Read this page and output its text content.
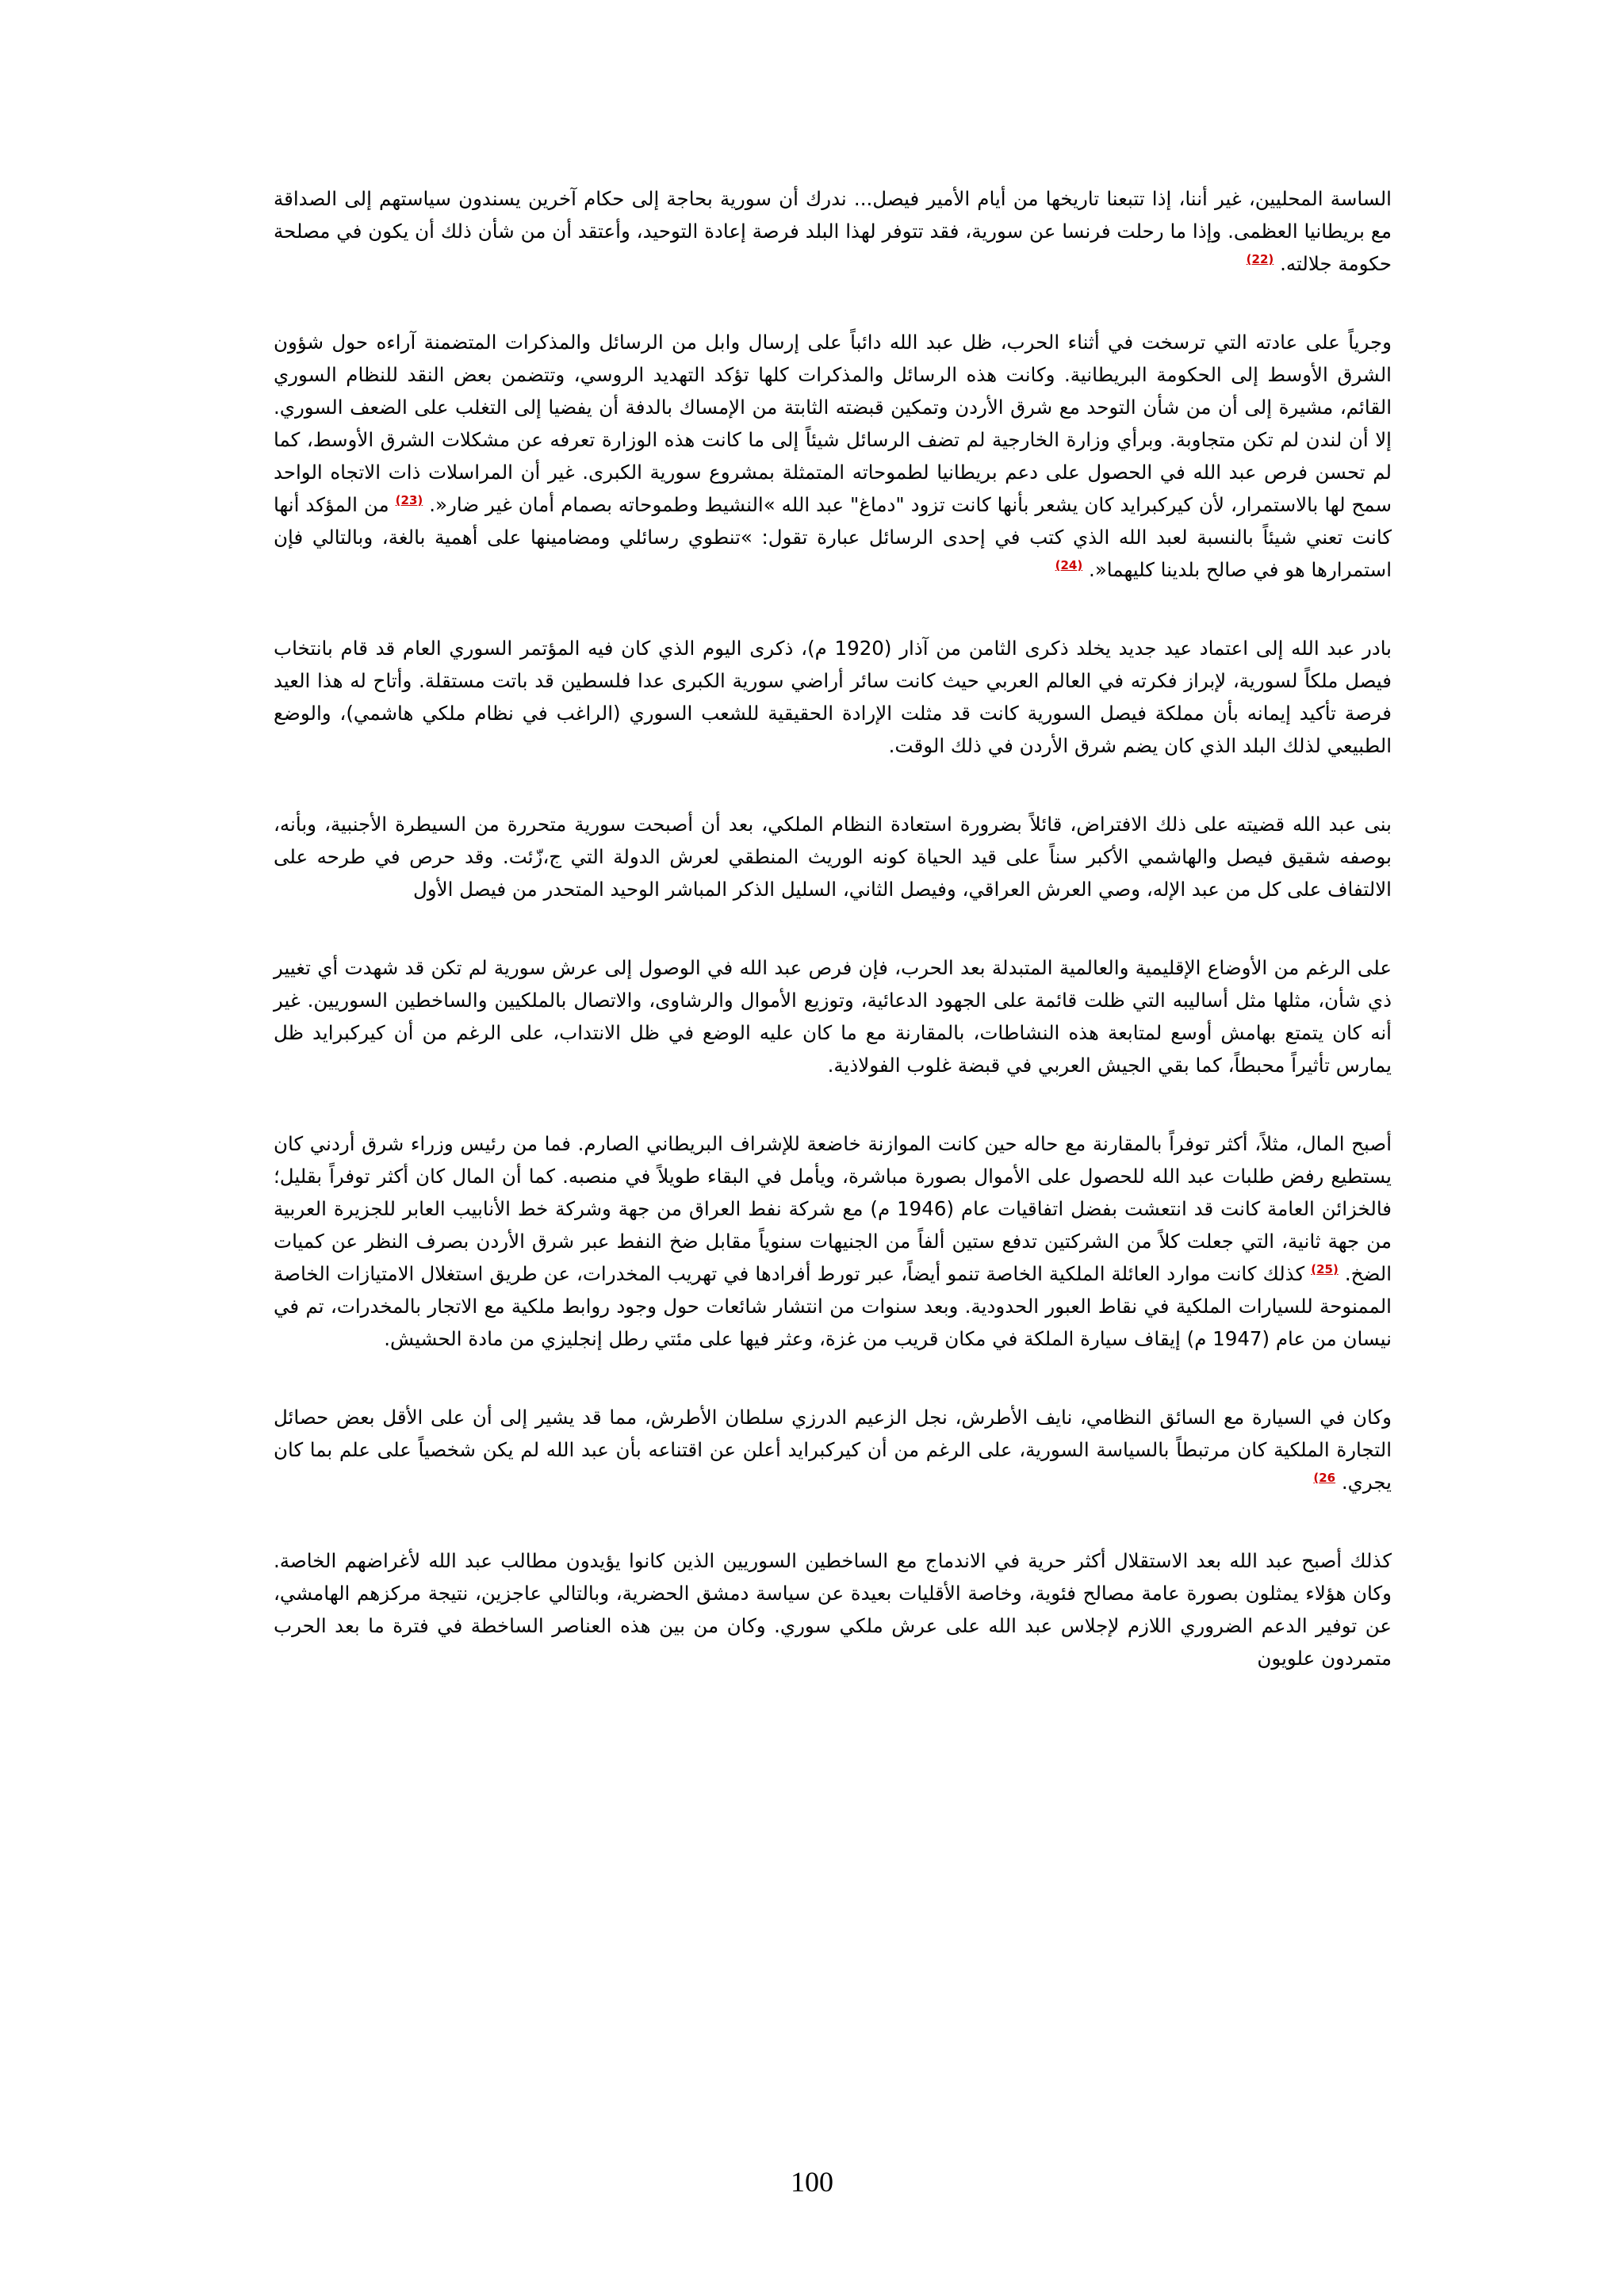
الساسة المحليين، غير أننا، إذا تتبعنا تاريخها من أيام الأمير فيصل... ندرك أن سورية بحاجة إلى حكام آخرين يسندون سياستهم إلى الصداقة مع بريطانيا العظمى. وإذا ما رحلت فرنسا عن سورية، فقد تتوفر لهذا البلد فرصة إعادة التوحيد، وأعتقد أن من شأن ذلك أن يكون في مصلحة حكومة جلالته. $^{(22)}$

وجرياً على عادته التي ترسخت في أثناء الحرب، ظل عبد الله دائباً على إرسال وابل من الرسائل والمذكرات المتضمنة آراءه حول شؤون الشرق الأوسط إلى الحكومة البريطانية. وكانت هذه الرسائل والمذكرات كلها تؤكد التهديد الروسي، وتتضمن بعض النقد للنظام السوري القائم، مشيرة إلى أن من شأن التوحد مع شرق الأردن وتمكين قبضته الثابتة من الإمساك بالدفة أن يفضيا إلى التغلب على الضعف السوري. إلا أن لندن لم تكن متجاوبة. وبرأي وزارة الخارجية لم تضف الرسائل شيئاً إلى ما كانت هذه الوزارة تعرفه عن مشكلات الشرق الأوسط، كما لم تحسن فرص عبد الله في الحصول على دعم بريطانيا لطموحاته المتمثلة بمشروع سورية الكبرى. غير أن المراسلات ذات الاتجاه الواحد سمح لها بالاستمرار، لأن كيركبرايد كان يشعر بأنها كانت تزود "دماغ" عبد الله »النشيط وطموحاته بصمام أمان غير ضار«. $^{(23)}$ من المؤكد أنها كانت تعني شيئاً بالنسبة لعبد الله الذي كتب في إحدى الرسائل عبارة تقول: »تنطوي رسائلي ومضامينها على أهمية بالغة، وبالتالي فإن استمرارها هو في صالح بلدينا كليهما«. $^{(24)}$

بادر عبد الله إلى اعتماد عيد جديد يخلد ذكرى الثامن من آذار (1920 م)، ذكرى اليوم الذي كان فيه المؤتمر السوري العام قد قام بانتخاب فيصل ملكاً لسورية، لإبراز فكرته في العالم العربي حيث كانت سائر أراضي سورية الكبرى عدا فلسطين قد باتت مستقلة. وأتاح له هذا العيد فرصة تأكيد إيمانه بأن مملكة فيصل السورية كانت قد مثلت الإرادة الحقيقية للشعب السوري (الراغب في نظام ملكي هاشمي)، والوضع الطبيعي لذلك البلد الذي كان يضم شرق الأردن في ذلك الوقت.

بنى عبد الله قضيته على ذلك الافتراض، قائلاً بضرورة استعادة النظام الملكي، بعد أن أصبحت سورية متحررة من السيطرة الأجنبية، وبأنه، بوصفه شقيق فيصل والهاشمي الأكبر سناً على قيد الحياة كونه الوريث المنطقي لعرش الدولة التي ج،زّئت. وقد حرص في طرحه على الالتفاف على كل من عبد الإله، وصي العرش العراقي، وفيصل الثاني، السليل الذكر المباشر الوحيد المتحدر من فيصل الأول

على الرغم من الأوضاع الإقليمية والعالمية المتبدلة بعد الحرب، فإن فرص عبد الله في الوصول إلى عرش سورية لم تكن قد شهدت أي تغيير ذي شأن، مثلها مثل أساليبه التي ظلت قائمة على الجهود الدعائية، وتوزيع الأموال والرشاوى، والاتصال بالملكيين والساخطين السوريين. غير أنه كان يتمتع بهامش أوسع لمتابعة هذه النشاطات، بالمقارنة مع ما كان عليه الوضع في ظل الانتداب، على الرغم من أن كيركبرايد ظل يمارس تأثيراً محبطاً، كما بقي الجيش العربي في قبضة غلوب الفولاذية.

أصبح المال، مثلاً، أكثر توفراً بالمقارنة مع حاله حين كانت الموازنة خاضعة للإشراف البريطاني الصارم. فما من رئيس وزراء شرق أردني كان يستطيع رفض طلبات عبد الله للحصول على الأموال بصورة مباشرة، ويأمل في البقاء طويلاً في منصبه. كما أن المال كان أكثر توفراً بقليل؛ فالخزائن العامة كانت قد انتعشت بفضل اتفاقيات عام (1946 م) مع شركة نفط العراق من جهة وشركة خط الأنابيب العابر للجزيرة العربية من جهة ثانية، التي جعلت كلاً من الشركتين تدفع ستين ألفاً من الجنيهات سنوياً مقابل ضخ النفط عبر شرق الأردن بصرف النظر عن كميات الضخ. $^{(25)}$ كذلك كانت موارد العائلة الملكية الخاصة تنمو أيضاً، عبر تورط أفرادها في تهريب المخدرات، عن طريق استغلال الامتيازات الخاصة الممنوحة للسيارات الملكية في نقاط العبور الحدودية. وبعد سنوات من انتشار شائعات حول وجود روابط ملكية مع الاتجار بالمخدرات، تم في نيسان من عام (1947 م) إيقاف سيارة الملكة في مكان قريب من غزة، وعثر فيها على مئتي رطل إنجليزي من مادة الحشيش.

وكان في السيارة مع السائق النظامي، نايف الأطرش، نجل الزعيم الدرزي سلطان الأطرش، مما قد يشير إلى أن على الأقل بعض حصائل التجارة الملكية كان مرتبطاً بالسياسة السورية، على الرغم من أن كيركبرايد أعلن عن اقتناعه بأن عبد الله لم يكن شخصياً على علم بما كان يجري. $^{26)}$

كذلك أصبح عبد الله بعد الاستقلال أكثر حرية في الاندماج مع الساخطين السوريين الذين كانوا يؤيدون مطالب عبد الله لأغراضهم الخاصة. وكان هؤلاء يمثلون بصورة عامة مصالح فئوية، وخاصة الأقليات بعيدة عن سياسة دمشق الحضرية، وبالتالي عاجزين، نتيجة مركزهم الهامشي، عن توفير الدعم الضروري اللازم لإجلاس عبد الله على عرش ملكي سوري. وكان من بين هذه العناصر الساخطة في فترة ما بعد الحرب متمردون علويون

100
